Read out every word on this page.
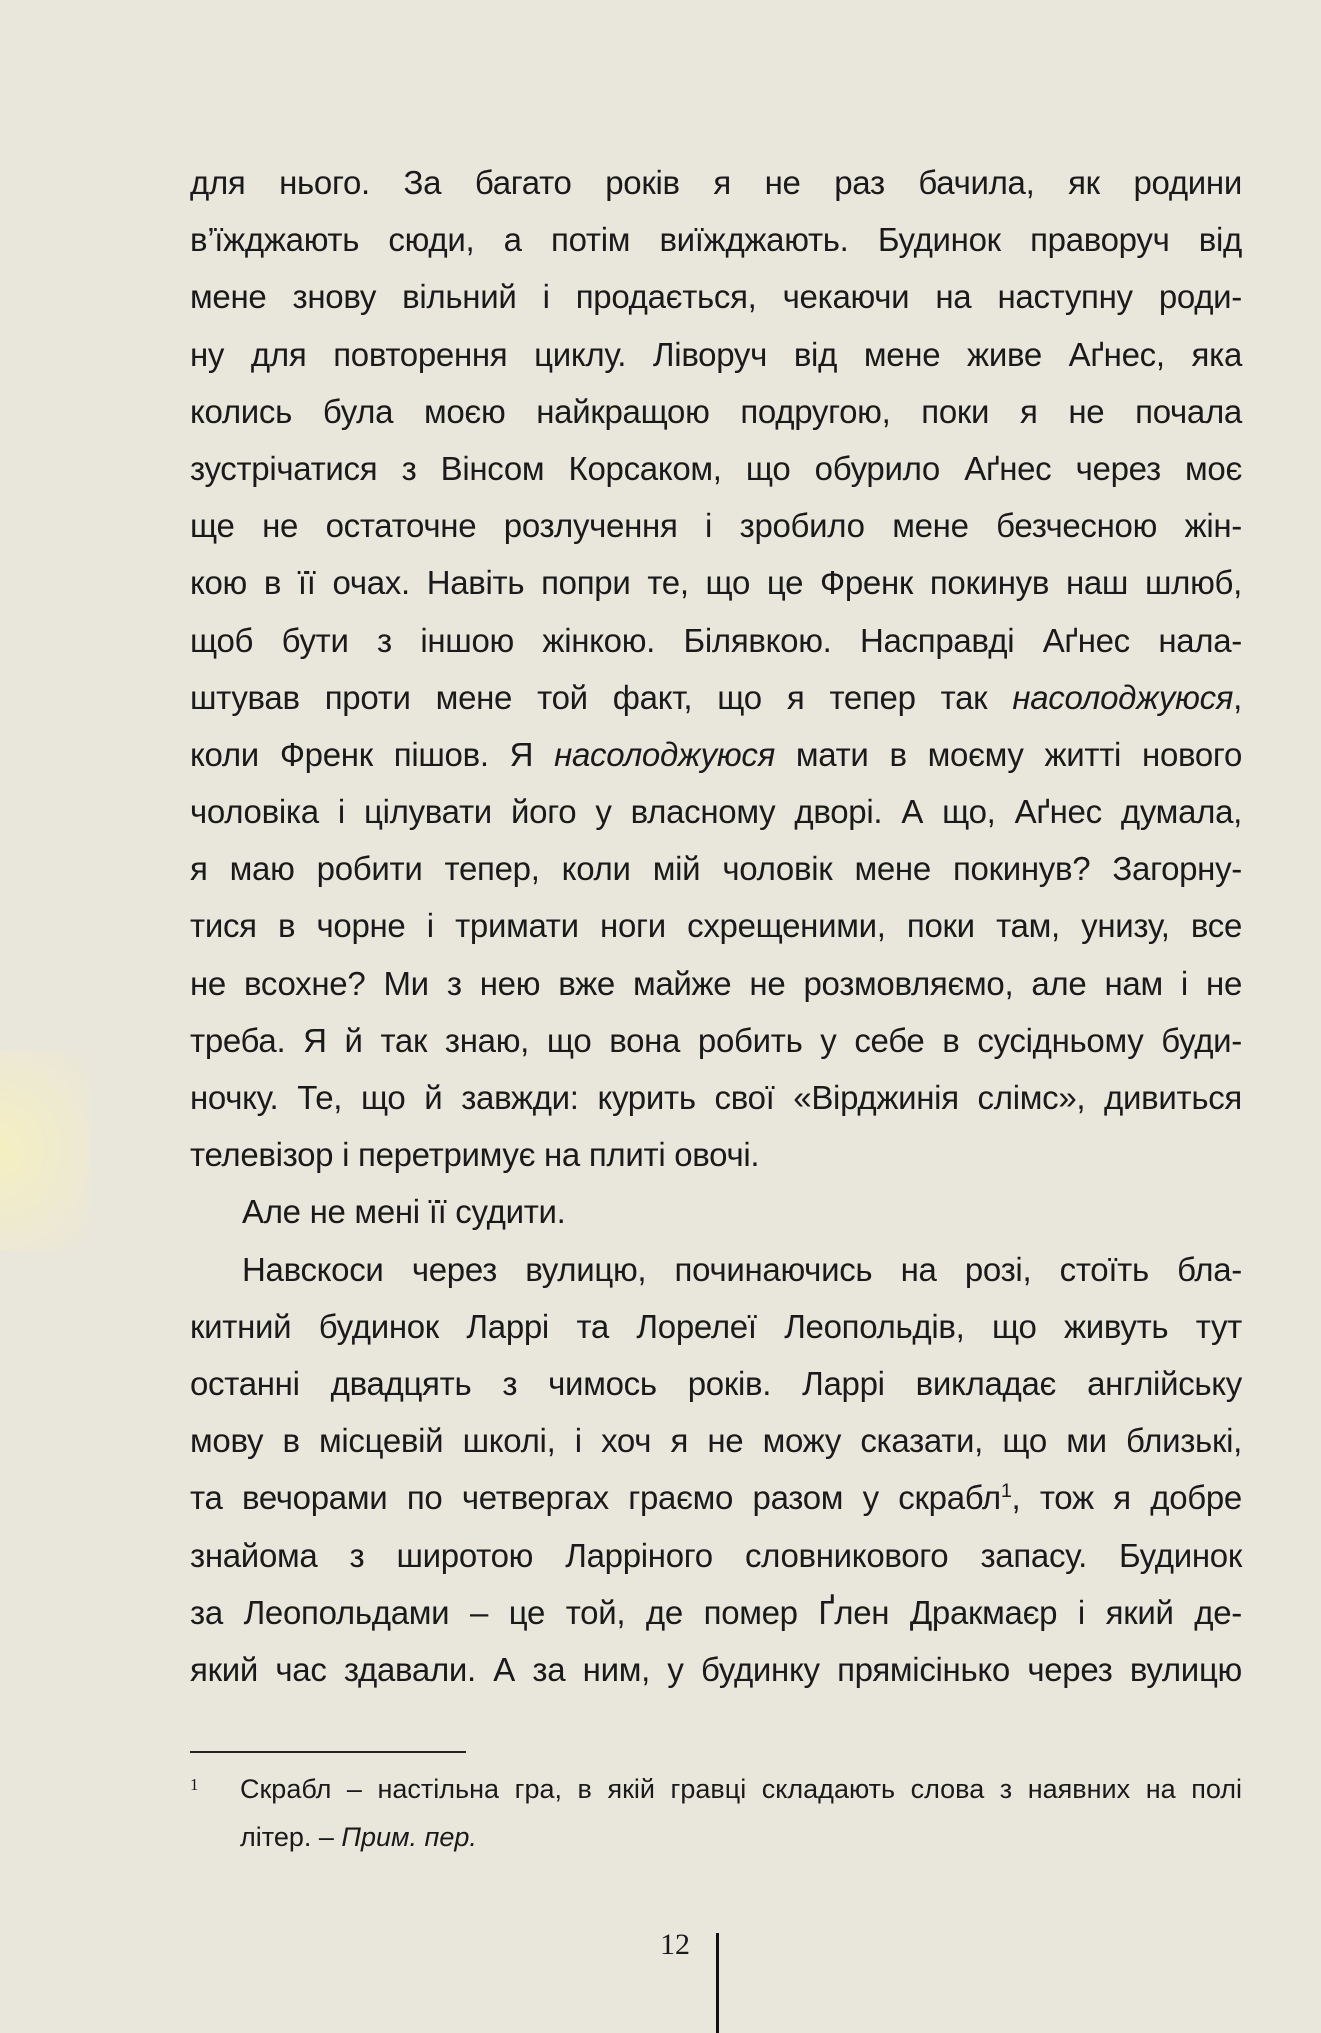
для нього. За багато років я не раз бачила, як родини
в’їжджають сюди, а потім виїжджають. Будинок праворуч від
мене знову вільний і продається, чекаючи на наступну роди-
ну для повторення циклу. Ліворуч від мене живе Аґнес, яка
колись була моєю найкращою подругою, поки я не почала
зустрічатися з Вінсом Корсаком, що обурило Аґнес через моє
ще не остаточне розлучення і зробило мене безчесною жін-
кою в її очах. Навіть попри те, що це Френк покинув наш шлюб,
щоб бути з іншою жінкою. Білявкою. Насправді Аґнес нала-
штував проти мене той факт, що я тепер так насолоджуюся,
коли Френк пішов. Я насолоджуюся мати в моєму житті нового
чоловіка і цілувати його у власному дворі. А що, Аґнес думала,
я маю робити тепер, коли мій чоловік мене покинув? Загорну-
тися в чорне і тримати ноги схрещеними, поки там, унизу, все
не всохне? Ми з нею вже майже не розмовляємо, але нам і не
треба. Я й так знаю, що вона робить у себе в сусідньому буди-
ночку. Те, що й завжди: курить свої «Вірджинія слімс», дивиться
телевізор і перетримує на плиті овочі.
Але не мені її судити.
Навскоси через вулицю, починаючись на розі, стоїть бла-
китний будинок Ларрі та Лорелеї Леопольдів, що живуть тут
останні двадцять з чимось років. Ларрі викладає англійську
мову в місцевій школі, і хоч я не можу сказати, що ми близькі,
та вечорами по четвергах граємо разом у скрабл$^1$, тож я добре
знайома з широтою Ларріного словникового запасу. Будинок
за Леопольдами – це той, де помер Ґлен Дракмаєр і який де-
який час здавали. А за ним, у будинку прямісінько через вулицю
1 Скрабл – настільна гра, в якій гравці складають слова з наявних на полі
літер. – Прим. пер.
12
